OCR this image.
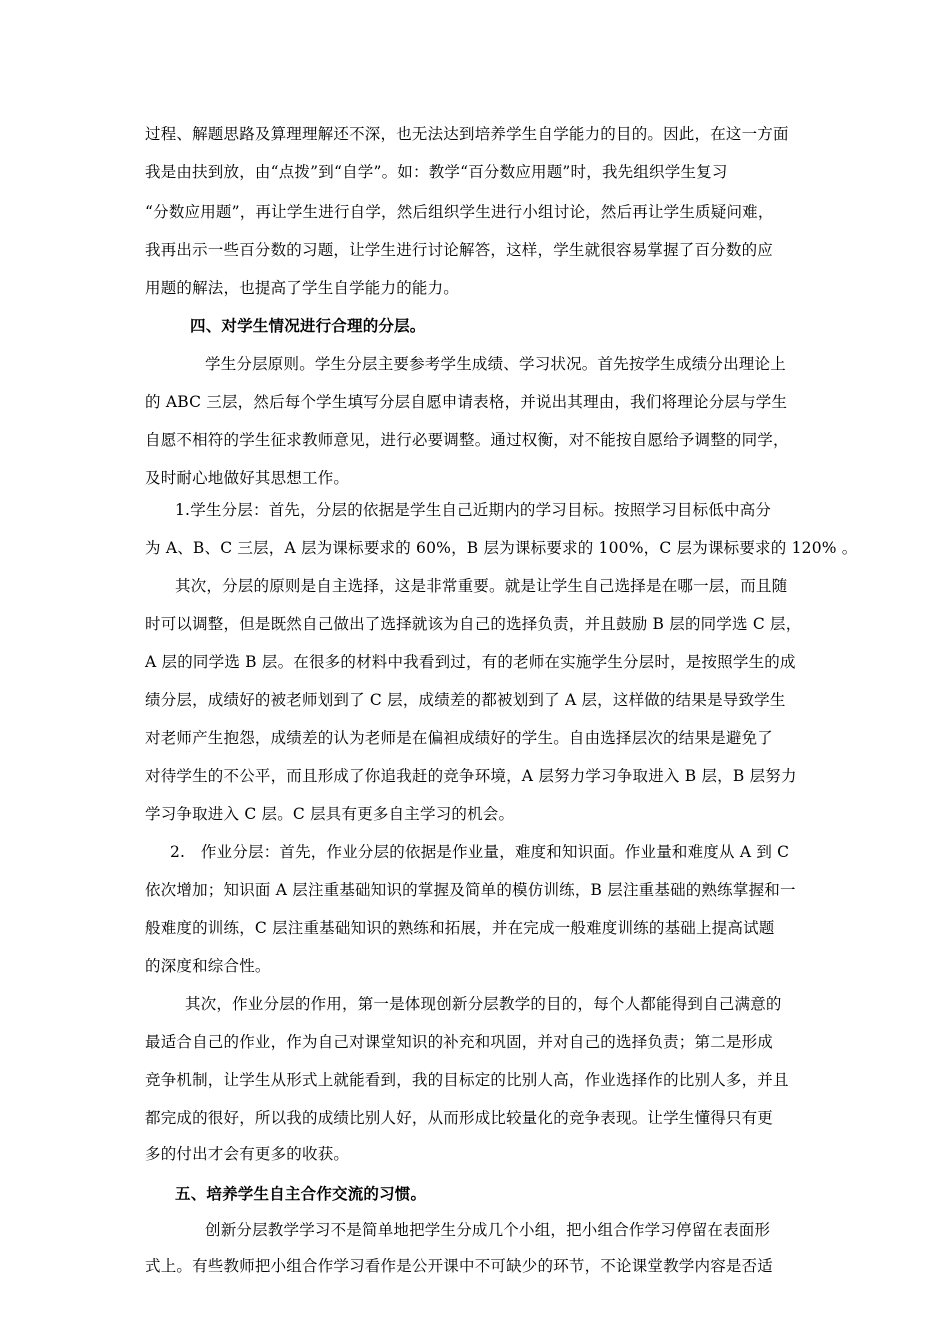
过程、解题思路及算理理解还不深，也无法达到培养学生自学能力的目的。因此，在这一方面
我是由扶到放，由“点拨”到“自学”。如：教学“百分数应用题”时，我先组织学生复习
“分数应用题”，再让学生进行自学，然后组织学生进行小组讨论，然后再让学生质疑问难，
我再出示一些百分数的习题，让学生进行讨论解答，这样，学生就很容易掌握了百分数的应
用题的解法，也提高了学生自学能力的能力。
四、对学生情况进行合理的分层。
学生分层原则。学生分层主要参考学生成绩、学习状况。首先按学生成绩分出理论上
的 ABC 三层，然后每个学生填写分层自愿申请表格，并说出其理由，我们将理论分层与学生
自愿不相符的学生征求教师意见，进行必要调整。通过权衡，对不能按自愿给予调整的同学，
及时耐心地做好其思想工作。
1.学生分层：首先，分层的依据是学生自己近期内的学习目标。按照学习目标低中高分
为 A、B、C 三层，A 层为课标要求的 60%，B 层为课标要求的 100%，C 层为课标要求的 120% 。
其次，分层的原则是自主选择，这是非常重要。就是让学生自己选择是在哪一层，而且随
时可以调整，但是既然自己做出了选择就该为自己的选择负责，并且鼓励 B 层的同学选 C 层，
A 层的同学选 B 层。在很多的材料中我看到过，有的老师在实施学生分层时，是按照学生的成
绩分层，成绩好的被老师划到了 C 层，成绩差的都被划到了 A 层，这样做的结果是导致学生
对老师产生抱怨，成绩差的认为老师是在偏袒成绩好的学生。自由选择层次的结果是避免了
对待学生的不公平，而且形成了你追我赶的竞争环境，A 层努力学习争取进入 B 层，B 层努力
学习争取进入 C 层。C 层具有更多自主学习的机会。
2.　作业分层：首先，作业分层的依据是作业量，难度和知识面。作业量和难度从 A 到 C
依次增加；知识面 A 层注重基础知识的掌握及简单的模仿训练，B 层注重基础的熟练掌握和一
般难度的训练，C 层注重基础知识的熟练和拓展，并在完成一般难度训练的基础上提高试题
的深度和综合性。
其次，作业分层的作用，第一是体现创新分层教学的目的，每个人都能得到自己满意的
最适合自己的作业，作为自己对课堂知识的补充和巩固，并对自己的选择负责；第二是形成
竞争机制，让学生从形式上就能看到，我的目标定的比别人高，作业选择作的比别人多，并且
都完成的很好，所以我的成绩比别人好，从而形成比较量化的竞争表现。让学生懂得只有更
多的付出才会有更多的收获。
五、培养学生自主合作交流的习惯。
创新分层教学学习不是简单地把学生分成几个小组，把小组合作学习停留在表面形
式上。有些教师把小组合作学习看作是公开课中不可缺少的环节，不论课堂教学内容是否适
